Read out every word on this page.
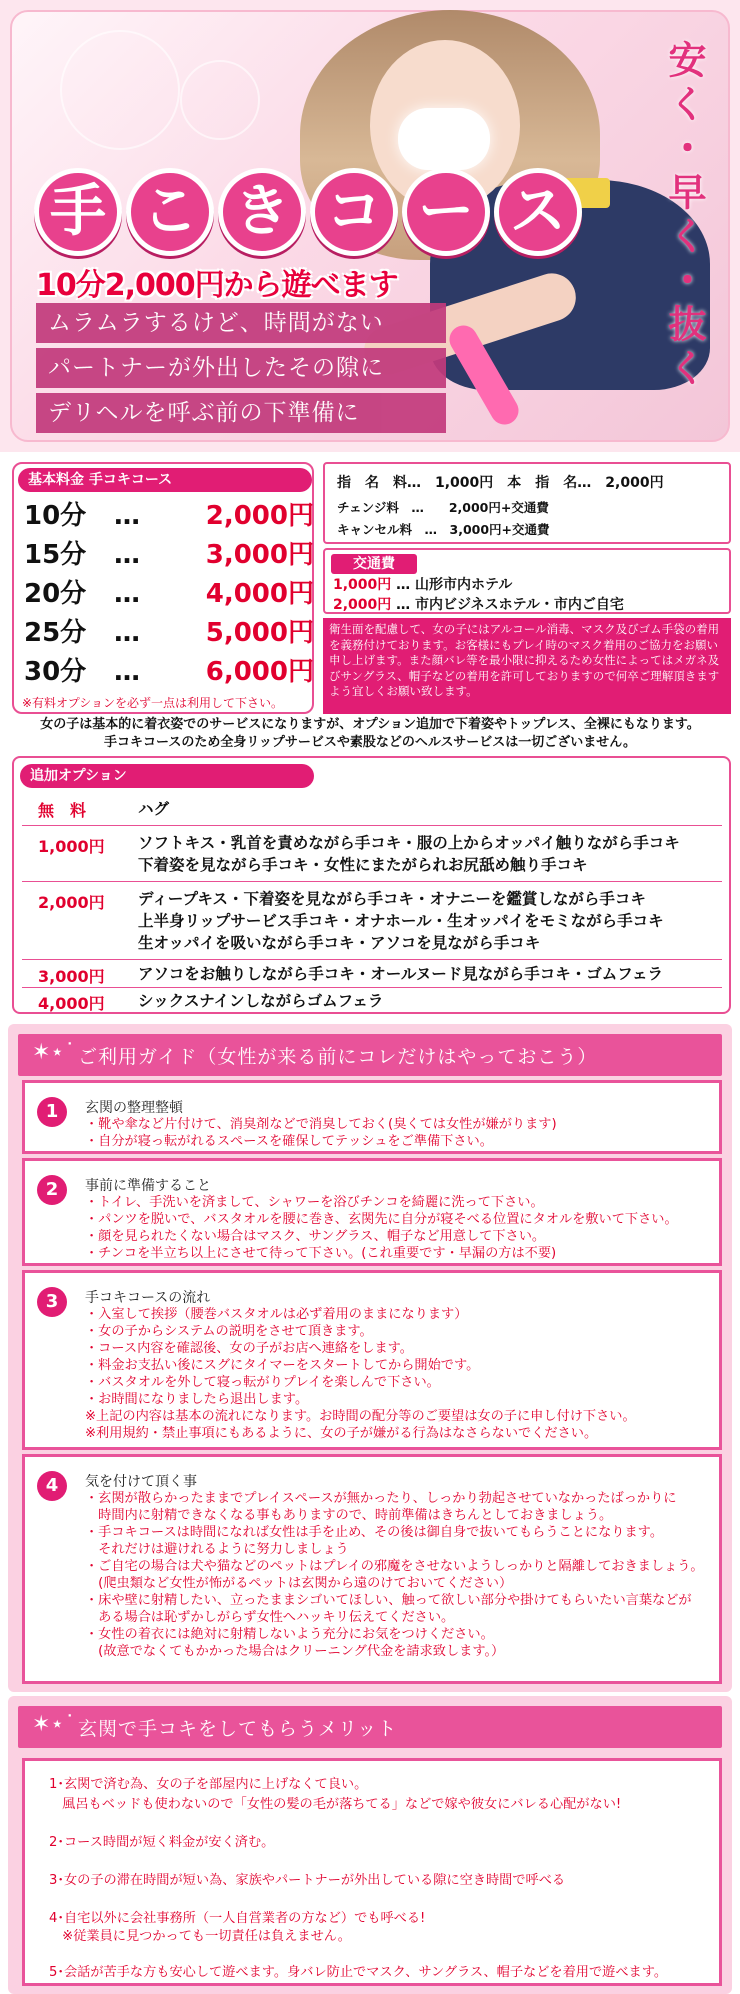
手 こ き コ ー ス
10分2,000円から遊べます
ムラムラするけど、時間がない
パートナーが外出したその隙に
デリヘルを呼ぶ前の下準備に
安く・早く・抜く
基本料金 手コキコース
10分 …	2,000円
15分 …	3,000円
20分 …	4,000円
25分 …	5,000円
30分 …	6,000円
※有料オプションを必ず一点は利用して下さい。
指　名　料…　1,000円　本　指　名…　2,000円
チェンジ料　…　　2,000円+交通費
キャンセル料　…　3,000円+交通費
交通費
1,000円 … 山形市内ホテル
2,000円 … 市内ビジネスホテル・市内ご自宅
衛生面を配慮して、女の子にはアルコール消毒、マスク及びゴム手袋の着用を義務付けております。お客様にもプレイ時のマスク着用のご協力をお願い申し上げます。また顔バレ等を最小限に抑えるため女性によってはメガネ及びサングラス、帽子などの着用を許可しておりますので何卒ご理解頂きますよう宜しくお願い致します。
女の子は基本的に着衣姿でのサービスになりますが、オプション追加で下着姿やトップレス、全裸にもなります。
手コキコースのため全身リップサービスや素股などのヘルスサービスは一切ございません。
追加オプション
無　料	ハグ
1,000円 ソフトキス・乳首を責めながら手コキ・服の上からオッパイ触りながら手コキ
下着姿を見ながら手コキ・女性にまたがられお尻舐め触り手コキ
2,000円 ディープキス・下着姿を見ながら手コキ・オナニーを鑑賞しながら手コキ
上半身リップサービス手コキ・オナホール・生オッパイをモミながら手コキ
生オッパイを吸いながら手コキ・アソコを見ながら手コキ
3,000円 アソコをお触りしながら手コキ・オールヌード見ながら手コキ・ゴムフェラ
4,000円 シックスナインしながらゴムフェラ
✶⋆˙ ご利用ガイド（女性が来る前にコレだけはやっておこう）
1	玄関の整理整頓
・靴や傘など片付けて、消臭剤などで消臭しておく(臭くては女性が嫌がります)
・自分が寝っ転がれるスペースを確保してテッシュをご準備下さい。
2	事前に準備すること
・トイレ、手洗いを済まして、シャワーを浴びチンコを綺麗に洗って下さい。
・パンツを脱いで、バスタオルを腰に巻き、玄関先に自分が寝そべる位置にタオルを敷いて下さい。
・顔を見られたくない場合はマスク、サングラス、帽子など用意して下さい。
・チンコを半立ち以上にさせて待って下さい。(これ重要です・早漏の方は不要)
3	手コキコースの流れ
・入室して挨拶（腰巻バスタオルは必ず着用のままになります）
・女の子からシステムの説明をさせて頂きます。
・コース内容を確認後、女の子がお店へ連絡をします。
・料金お支払い後にスグにタイマーをスタートしてから開始です。
・バスタオルを外して寝っ転がりプレイを楽しんで下さい。
・お時間になりましたら退出します。
※上記の内容は基本の流れになります。お時間の配分等のご要望は女の子に申し付け下さい。
※利用規約・禁止事項にもあるように、女の子が嫌がる行為はなさらないでください。
4	気を付けて頂く事
・玄関が散らかったままでプレイスペースが無かったり、しっかり勃起させていなかったばっかりに
　時間内に射精できなくなる事もありますので、時前準備はきちんとしておきましょう。
・手コキコースは時間になれば女性は手を止め、その後は御自身で抜いてもらうことになります。
　それだけは避けれるように努力しましょう
・ご自宅の場合は犬や猫などのペットはプレイの邪魔をさせないようしっかりと隔離しておきましょう。
　(爬虫類など女性が怖がるペットは玄関から遠のけておいてください）
・床や壁に射精したい、立ったままシゴいてほしい、触って欲しい部分や掛けてもらいたい言葉などが
　ある場合は恥ずかしがらず女性へハッキリ伝えてください。
・女性の着衣には絶対に射精しないよう充分にお気をつけください。
　(故意でなくてもかかった場合はクリーニング代金を請求致します。）
✶⋆˙ 玄関で手コキをしてもらうメリット
1･玄関で済む為、女の子を部屋内に上げなくて良い。
　風呂もベッドも使わないので「女性の髪の毛が落ちてる」などで嫁や彼女にバレる心配がない!
2･コース時間が短く料金が安く済む。
3･女の子の滞在時間が短い為、家族やパートナーが外出している隙に空き時間で呼べる
4･自宅以外に会社事務所（一人自営業者の方など）でも呼べる!
　※従業員に見つかっても一切責任は負えません。
5･会話が苦手な方も安心して遊べます。身バレ防止でマスク、サングラス、帽子などを着用で遊べます。
